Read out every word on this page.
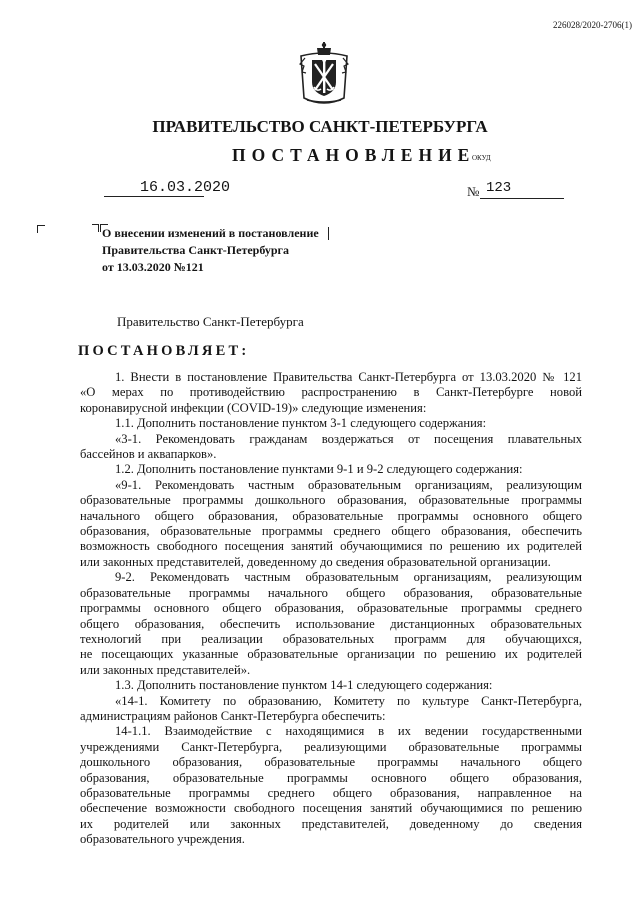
226028/2020-2706(1)
ПРАВИТЕЛЬСТВО САНКТ-ПЕТЕРБУРГА
ПОСТАНОВЛЕНИЕ
ОКУД
16.03.2020	№ 123
О внесении изменений в постановление
Правительства Санкт-Петербурга
от 13.03.2020 №121
Правительство Санкт-Петербурга
ПОСТАНОВЛЯЕТ:

1. Внести в постановление Правительства Санкт-Петербурга от 13.03.2020 № 121

«О мерах по противодействию распространению в Санкт-Петербурге новой

коронавирусной инфекции (COVID-19)» следующие изменения:

1.1. Дополнить постановление пунктом 3-1 следующего содержания:

«3-1. Рекомендовать гражданам воздержаться от посещения плавательных

бассейнов и аквапарков».

1.2. Дополнить постановление пунктами 9-1 и 9-2 следующего содержания:

«9-1. Рекомендовать частным образовательным организациям, реализующим

образовательные программы дошкольного образования, образовательные программы

начального общего образования, образовательные программы основного общего

образования, образовательные программы среднего общего образования, обеспечить

возможность свободного посещения занятий обучающимися по решению их родителей

или законных представителей, доведенному до сведения образовательной организации.

9-2. Рекомендовать частным образовательным организациям, реализующим

образовательные программы начального общего образования, образовательные

программы основного общего образования, образовательные программы среднего

общего образования, обеспечить использование дистанционных образовательных

технологий при реализации образовательных программ для обучающихся,

не посещающих указанные образовательные организации по решению их родителей

или законных представителей».

1.3. Дополнить постановление пунктом 14-1 следующего содержания:

«14-1. Комитету по образованию, Комитету по культуре Санкт-Петербурга,

администрациям районов Санкт-Петербурга обеспечить:

14-1.1. Взаимодействие с находящимися в их ведении государственными

учреждениями Санкт-Петербурга, реализующими образовательные программы

дошкольного образования, образовательные программы начального общего

образования, образовательные программы основного общего образования,

образовательные программы среднего общего образования, направленное на

обеспечение возможности свободного посещения занятий обучающимися по решению

их родителей или законных представителей, доведенному до сведения

образовательного учреждения.
